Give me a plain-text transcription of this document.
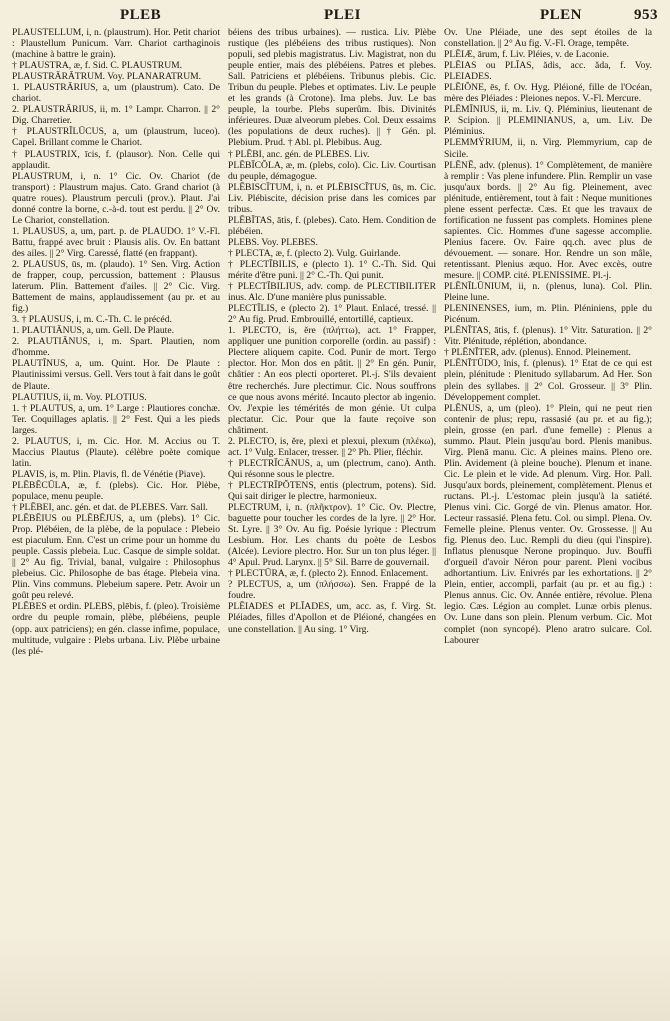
PLEB	PLEI	PLEN	953

PLAUSTELLUM, i, n. (plaustrum). Hor. Petit chariot : Plaustellum Punicum. Varr. Chariot carthaginois (machine à battre le grain).

† PLAUSTRA, æ, f. Sid. C. PLAUSTRUM.

PLAUSTRĀRĀTRUM. Voy. PLANARATRUM.

1. PLAUSTRĀRIUS, a, um (plaustrum). Cato. De chariot.

2. PLAUSTRĀRIUS, ii, m. 1° Lampr. Charron. || 2° Dig. Charretier.

† PLAUSTRĪLŪCUS, a, um (plaustrum, luceo). Capel. Brillant comme le Chariot.

† PLAUSTRIX, īcis, f. (plausor). Non. Celle qui applaudit.

PLAUSTRUM, i, n. 1° Cic. Ov. Chariot (de transport) : Plaustrum majus. Cato. Grand chariot (à quatre roues). Plaustrum perculi (prov.). Plaut. J'ai donné contre la borne, c.-à-d. tout est perdu. || 2° Ov. Le Chariot, constellation.

1. PLAUSUS, a, um, part. p. de PLAUDO. 1° V.-Fl. Battu, frappé avec bruit : Plausis alis. Ov. En battant des ailes. || 2° Virg. Caressé, flatté (en frappant).

2. PLAUSUS, ūs, m. (plaudo). 1° Sen. Virg. Action de frapper, coup, percussion, battement : Plausus laterum. Plin. Battement d'ailes. || 2° Cic. Virg. Battement de mains, applaudissement (au pr. et au fig.)

3. † PLAUSUS, i, m. C.-Th. C. le précéd.

1. PLAUTIĀNUS, a, um. Gell. De Plaute.

2. PLAUTIĀNUS, i, m. Spart. Plautien, nom d'homme.

PLAUTĪNUS, a, um. Quint. Hor. De Plaute : Plautinissimi versus. Gell. Vers tout à fait dans le goût de Plaute.

PLAUTIUS, ii, m. Voy. PLOTIUS.

1. † PLAUTUS, a, um. 1° Large : Plautiores conchæ. Ter. Coquillages aplatis. || 2° Fest. Qui a les pieds larges.

2. PLAUTUS, i, m. Cic. Hor. M. Accius ou T. Maccius Plautus (Plaute). célèbre poète comique latin.

PLAVIS, is, m. Plin. Plavis, fl. de Vénétie (Piave).

PLĒBĒCŪLA, æ, f. (plebs). Cic. Hor. Plèbe, populace, menu peuple.

† PLĒBEI, anc. gén. et dat. de PLEBES. Varr. Sall.

PLĒBĒIUS ou PLĒBĒJUS, a, um (plebs). 1° Cic. Prop. Plébéien, de la plèbe, de la populace : Plebeio est piaculum. Enn. C'est un crime pour un homme du peuple. Cassis plebeia. Luc. Casque de simple soldat. || 2° Au fig. Trivial, banal, vulgaire : Philosophus plebeius. Cic. Philosophe de bas étage. Plebeia vina. Plin. Vins communs. Plebeium sapere. Petr. Avoir un goût peu relevé.

PLĒBES et ordin. PLEBS, plēbis, f. (pleo). Troisième ordre du peuple romain, plèbe, plébéiens, peuple (opp. aux patriciens); en gén. classe infime, populace, multitude, vulgaire : Plebs urbana. Liv. Plèbe urbaine (les plé-

béiens des tribus urbaines). — rustica. Liv. Plèbe rustique (les plébéiens des tribus rustiques). Non populi, sed plebis magistratus. Liv. Magistrat, non du peuple entier, mais des plébéiens. Patres et plebes. Sall. Patriciens et plébéiens. Tribunus plebis. Cic. Tribun du peuple. Plebes et optimates. Liv. Le peuple et les grands (à Crotone). Ima plebs. Juv. Le bas peuple, la tourbe. Plebs superûm. Ibis. Divinités inférieures. Duæ alveorum plebes. Col. Deux essaims (les populations de deux ruches). || † Gén. pl. Plebium. Prud. † Abl. pl. Plebibus. Aug.

† PLĒBI, anc. gén. de PLEBES. Liv.

PLĒBĪCŎLA, æ, m. (plebs, colo). Cic. Liv. Courtisan du peuple, démagogue.

PLĒBISCĪTUM, i, n. et PLĒBISCĪTUS, ūs, m. Cic. Liv. Plébiscite, décision prise dans les comices par tribus.

PLĒBĪTAS, ātis, f. (plebes). Cato. Hem. Condition de plébéien.

PLEBS. Voy. PLEBES.

† PLECTA, æ, f. (plecto 2). Vulg. Guirlande.

† PLECTĪBILIS, e (plecto 1). 1° C.-Th. Sid. Qui mérite d'être puni. || 2° C.-Th. Qui punit.

† PLECTĪBILIUS, adv. comp. de PLECTIBILITER inus. Alc. D'une manière plus punissable.

PLECTĪLIS, e (plecto 2). 1° Plaut. Enlacé, tressé. || 2° Au fig. Prud. Embrouillé, entortillé, captieux.

1. PLECTO, is, ĕre (πλήττω), act. 1° Frapper, appliquer une punition corporelle (ordin. au passif) : Plectere aliquem capite. Cod. Punir de mort. Tergo plector. Hor. Mon dos en pâtit. || 2° En gén. Punir, châtier : An eos plecti oporteret. Pl.-j. S'ils devaient être recherchés. Jure plectimur. Cic. Nous souffrons ce que nous avons mérité. Incauto plector ab ingenio. Ov. J'expie les témérités de mon génie. Ut culpa plectatur. Cic. Pour que la faute reçoive son châtiment.

2. PLECTO, is, ĕre, plexi et plexui, plexum (πλέκω), act. 1° Vulg. Enlacer, tresser. || 2° Ph. Plier, fléchir.

† PLECTRĪCĀNUS, a, um (plectrum, cano). Anth. Qui résonne sous le plectre.

† PLECTRĪPŎTENS, entis (plectrum, potens). Sid. Qui sait diriger le plectre, harmonieux.

PLECTRUM, i, n. (πλῆκτρον). 1° Cic. Ov. Plectre, baguette pour toucher les cordes de la lyre. || 2° Hor. St. Lyre. || 3° Ov. Au fig. Poésie lyrique : Plectrum Lesbium. Hor. Les chants du poète de Lesbos (Alcée). Leviore plectro. Hor. Sur un ton plus léger. || 4° Apul. Prud. Larynx. || 5° Sil. Barre de gouvernail.

† PLECTŪRA, æ, f. (plecto 2). Ennod. Enlacement.

? PLECTUS, a, um (πλήσσω). Sen. Frappé de la foudre.

PLĒIADES et PLĪADES, um, acc. as, f. Virg. St. Pléiades, filles d'Apollon et de Pléioné, changées en une constellation. || Au sing. 1° Virg.

Ov. Une Pléiade, une des sept étoiles de la constellation. || 2° Au fig. V.-Fl. Orage, tempête.

PLĒIÆ, ārum, f. Liv. Pléies, v. de Laconie.

PLĒIAS ou PLĪAS, ădis, acc. ăda, f. Voy. PLEIADES.

PLĒIŎNE, ēs, f. Ov. Hyg. Pléioné, fille de l'Océan, mère des Pléiades : Pleiones nepos. V.-Fl. Mercure.

PLĒMĪNIUS, ii, m. Liv. Q. Pléminius, lieutenant de P. Scipion. || PLEMINIANUS, a, um. Liv. De Pléminius.

PLEMMŸRIUM, ii, n. Virg. Plemmyrium, cap de Sicile.

PLĒNĒ, adv. (plenus). 1° Complètement, de manière à remplir : Vas plene infundere. Plin. Remplir un vase jusqu'aux bords. || 2° Au fig. Pleinement, avec plénitude, entièrement, tout à fait : Neque munitiones plene essent perfectæ. Cæs. Et que les travaux de fortification ne fussent pas complets. Homines plene sapientes. Cic. Hommes d'une sagesse accomplie. Plenius facere. Ov. Faire qq.ch. avec plus de dévouement. — sonare. Hor. Rendre un son mâle, retentissant. Plenius æquo. Hor. Avec excès, outre mesure. || COMP. cité. PLENISSIME. Pl.-j.

PLĒNĪLŪNIUM, ii, n. (plenus, luna). Col. Plin. Pleine lune.

PLENINENSES, ium, m. Plin. Pléniniens, pple du Picénum.

PLĒNĬTAS, ātis, f. (plenus). 1° Vitr. Saturation. || 2° Vitr. Plénitude, réplétion, abondance.

† PLĒNĬTER, adv. (plenus). Ennod. Pleinement.

PLĒNĬTŪDO, ĭnis, f. (plenus). 1° Etat de ce qui est plein, plénitude : Plenitudo syllabarum. Ad Her. Son plein des syllabes. || 2° Col. Grosseur. || 3° Plin. Développement complet.

PLĒNUS, a, um (pleo). 1° Plein, qui ne peut rien contenir de plus; repu, rassasié (au pr. et au fig.); plein, grosse (en parl. d'une femelle) : Plenus a summo. Plaut. Plein jusqu'au bord. Plenis manibus. Virg. Plenā manu. Cic. A pleines mains. Pleno ore. Plin. Avidement (à pleine bouche). Plenum et inane. Cic. Le plein et le vide. Ad plenum. Virg. Hor. Pall. Jusqu'aux bords, pleinement, complètement. Plenus et ructans. Pl.-j. L'estomac plein jusqu'à la satiété. Plenus vini. Cic. Gorgé de vin. Plenus amator. Hor. Lecteur rassasié. Plena fetu. Col. ou simpl. Plena. Ov. Femelle pleine. Plenus venter. Ov. Grossesse. || Au fig. Plenus deo. Luc. Rempli du dieu (qui l'inspire). Inflatus plenusque Nerone propinquo. Juv. Bouffi d'orgueil d'avoir Néron pour parent. Pleni vocibus adhortantium. Liv. Enivrés par les exhortations. || 2° Plein, entier, accompli, parfait (au pr. et au fig.) : Plenus annus. Cic. Ov. Année entière, révolue. Plena legio. Cæs. Légion au complet. Lunæ orbis plenus. Ov. Lune dans son plein. Plenum verbum. Cic. Mot complet (non syncopé). Pleno aratro sulcare. Col. Labourer
